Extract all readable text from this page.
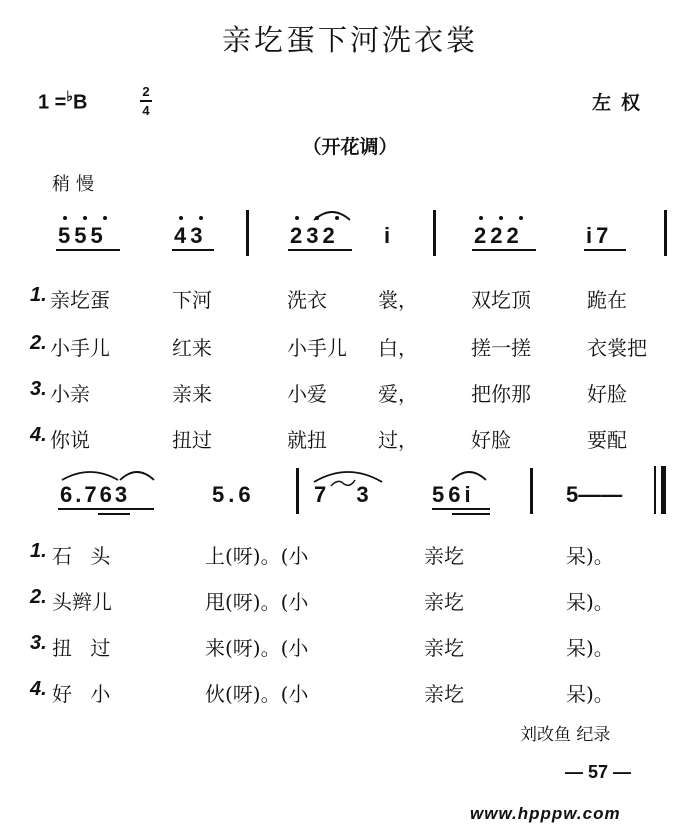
亲圪蛋下河洗衣裳
1 =♭B
2
4	左权
（开花调）
稍慢
555	43	232 i	222	i7
1. 亲圪蛋	下河	洗衣	裳，	双圪顶	跪在
2. 小手儿	红来	小手儿 白，	搓一搓	衣裳把
3. 小亲	亲来	小爱	爱，	把你那	好脸
4. 你说	扭过	就扭	过，	好脸	要配
6.763	5.6	7 3 56i	5——
1. 石 头	上(呀)。(小	亲圪	呆)。
2. 头辫儿	甩(呀)。(小	亲圪	呆)。
3. 扭 过	来(呀)。(小	亲圪	呆)。
4. 好 小	伙(呀)。(小	亲圪	呆)。
刘改鱼 纪录
— 57 —
www.hpppw.com
